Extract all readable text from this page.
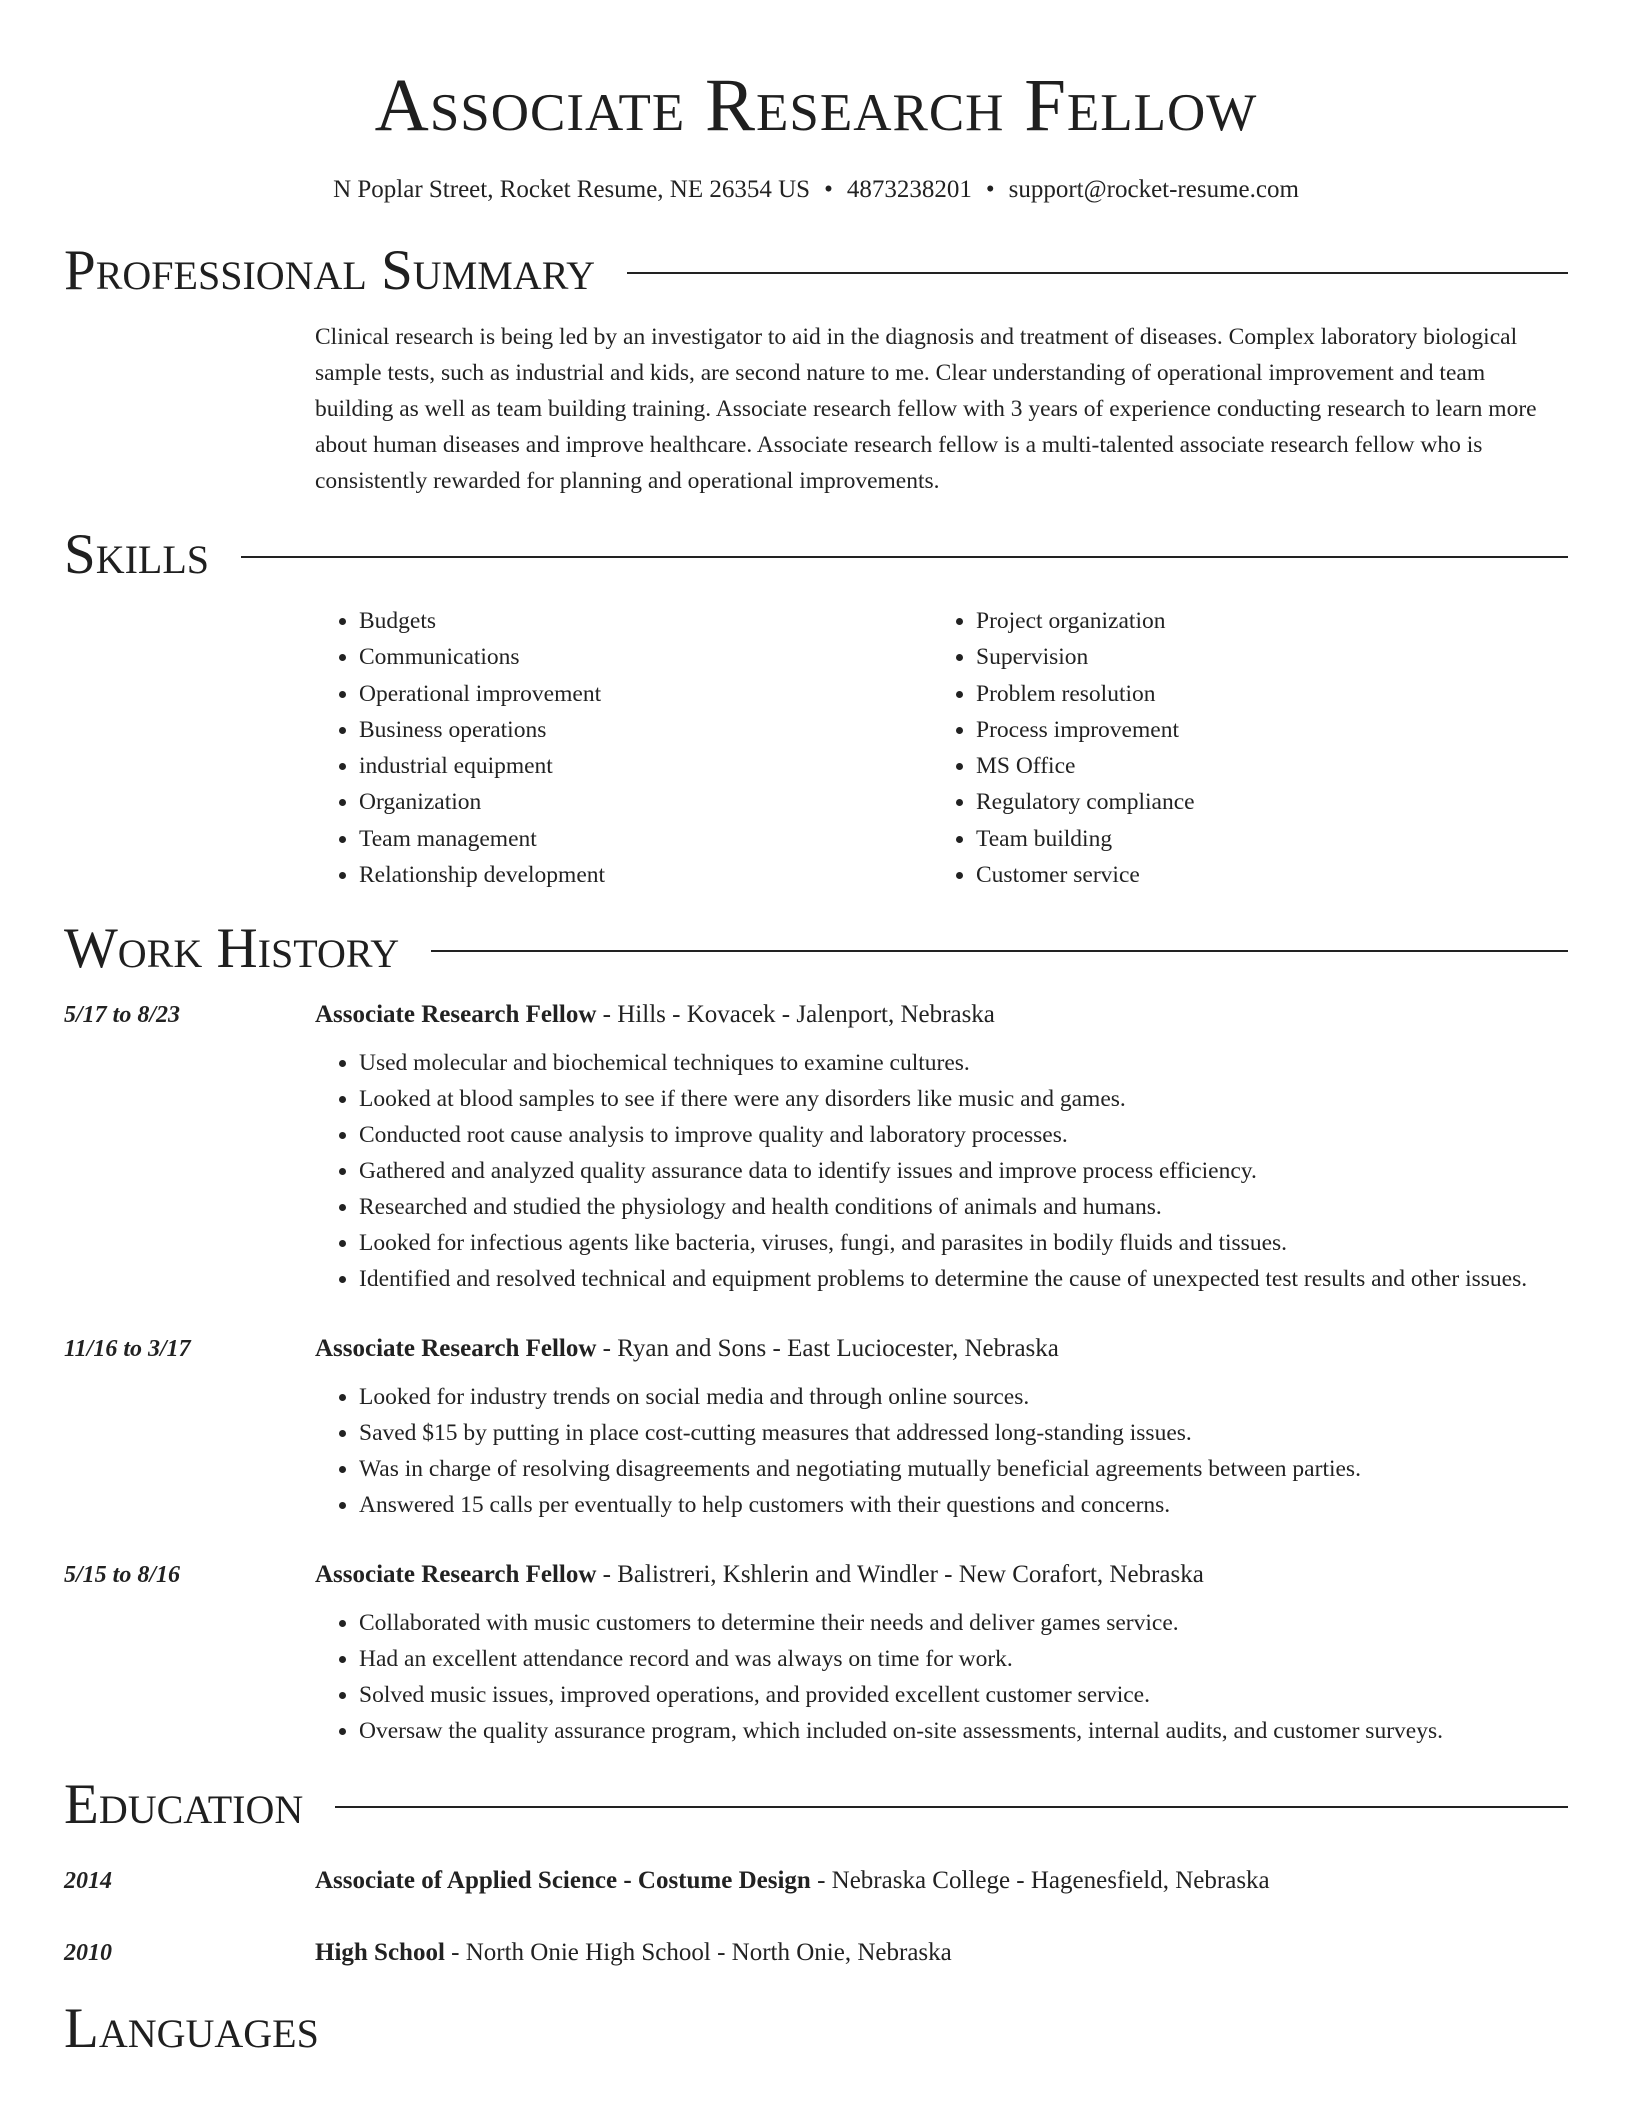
Associate Research Fellow
N Poplar Street, Rocket Resume, NE 26354 US • 4873238201 • support@rocket-resume.com
Professional Summary
Clinical research is being led by an investigator to aid in the diagnosis and treatment of diseases. Complex laboratory biological sample tests, such as industrial and kids, are second nature to me. Clear understanding of operational improvement and team building as well as team building training. Associate research fellow with 3 years of experience conducting research to learn more about human diseases and improve healthcare. Associate research fellow is a multi-talented associate research fellow who is consistently rewarded for planning and operational improvements.
Skills
• Budgets
• Communications
• Operational improvement
• Business operations
• industrial equipment
• Organization
• Team management
• Relationship development
• Project organization
• Supervision
• Problem resolution
• Process improvement
• MS Office
• Regulatory compliance
• Team building
• Customer service
Work History
5/17 to 8/23	Associate Research Fellow - Hills - Kovacek - Jalenport, Nebraska
• Used molecular and biochemical techniques to examine cultures.
• Looked at blood samples to see if there were any disorders like music and games.
• Conducted root cause analysis to improve quality and laboratory processes.
• Gathered and analyzed quality assurance data to identify issues and improve process efficiency.
• Researched and studied the physiology and health conditions of animals and humans.
• Looked for infectious agents like bacteria, viruses, fungi, and parasites in bodily fluids and tissues.
• Identified and resolved technical and equipment problems to determine the cause of unexpected test results and other issues.
11/16 to 3/17	Associate Research Fellow - Ryan and Sons - East Luciocester, Nebraska
• Looked for industry trends on social media and through online sources.
• Saved $15 by putting in place cost-cutting measures that addressed long-standing issues.
• Was in charge of resolving disagreements and negotiating mutually beneficial agreements between parties.
• Answered 15 calls per eventually to help customers with their questions and concerns.
5/15 to 8/16	Associate Research Fellow - Balistreri, Kshlerin and Windler - New Corafort, Nebraska
• Collaborated with music customers to determine their needs and deliver games service.
• Had an excellent attendance record and was always on time for work.
• Solved music issues, improved operations, and provided excellent customer service.
• Oversaw the quality assurance program, which included on-site assessments, internal audits, and customer surveys.
Education
2014	Associate of Applied Science - Costume Design - Nebraska College - Hagenesfield, Nebraska
2010	High School - North Onie High School - North Onie, Nebraska
Languages
